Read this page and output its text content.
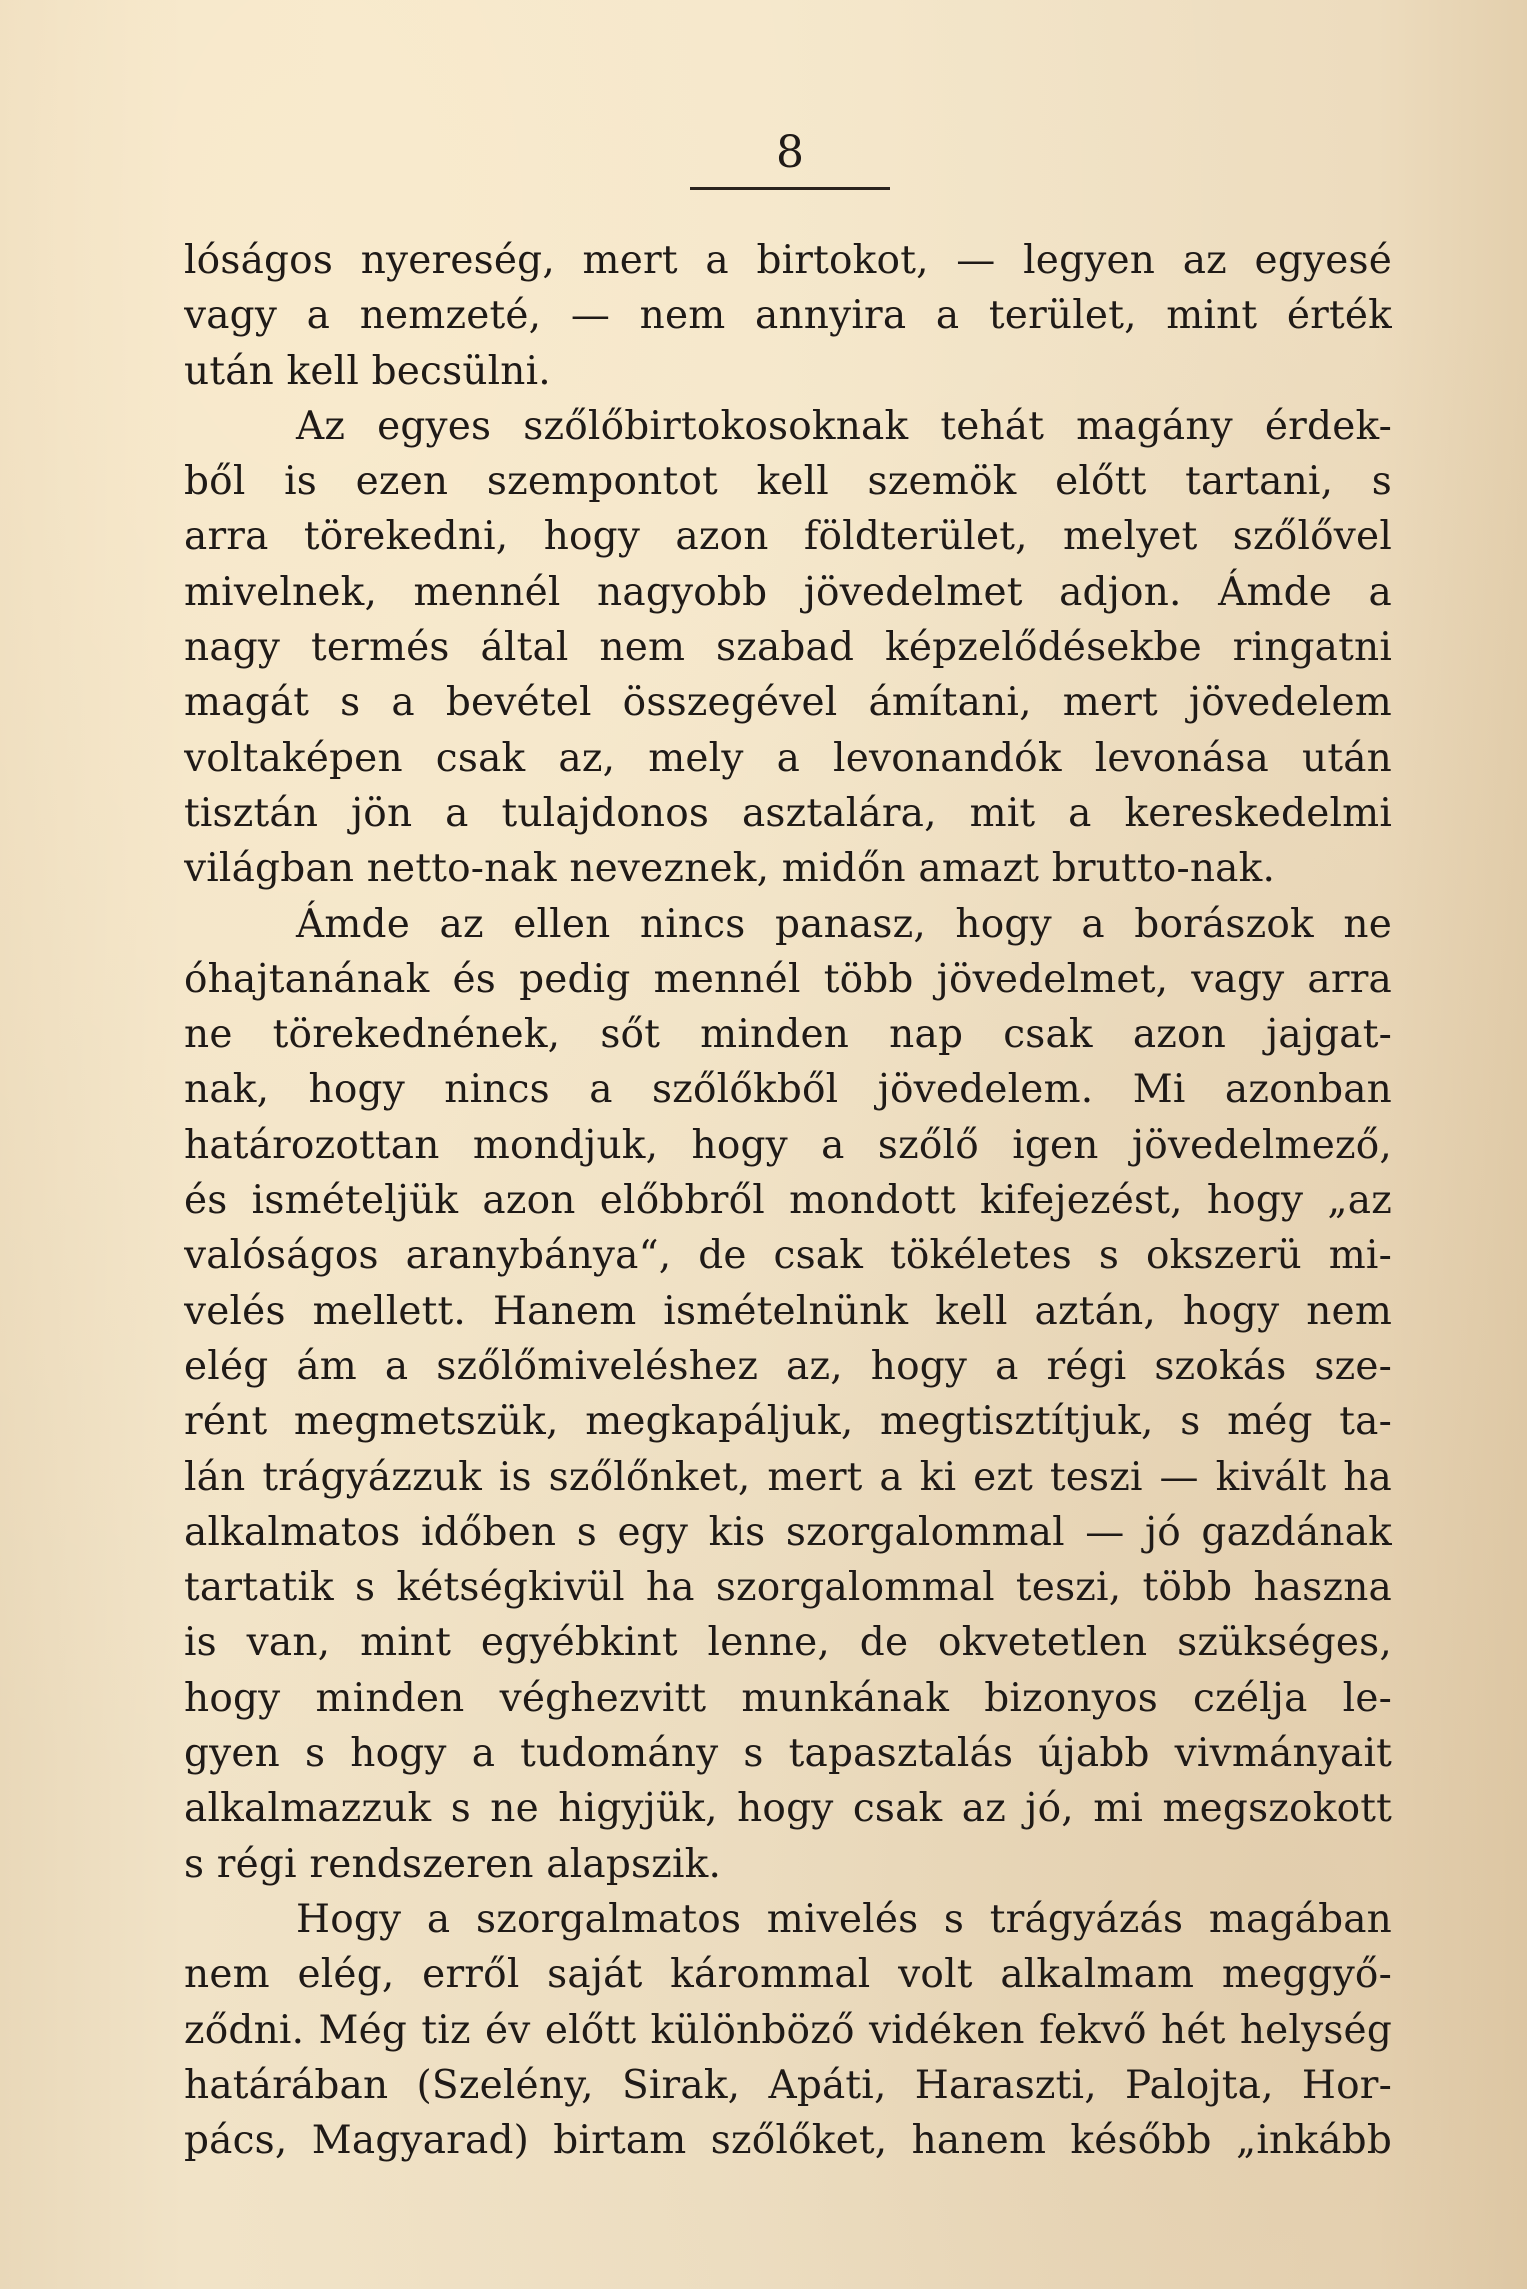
8
lóságos nyereség, mert a birtokot, — legyen az egyesé
vagy a nemzeté, — nem annyira a terület, mint érték
után kell becsülni.
Az egyes szőlőbirtokosoknak tehát magány érdek-
ből is ezen szempontot kell szemök előtt tartani, s
arra törekedni, hogy azon földterület, melyet szőlővel
mivelnek, mennél nagyobb jövedelmet adjon. Ámde a
nagy termés által nem szabad képzelődésekbe ringatni
magát s a bevétel összegével ámítani, mert jövedelem
voltaképen csak az, mely a levonandók levonása után
tisztán jön a tulajdonos asztalára, mit a kereskedelmi
világban netto-nak neveznek, midőn amazt brutto-nak.
Ámde az ellen nincs panasz, hogy a borászok ne
óhajtanának és pedig mennél több jövedelmet, vagy arra
ne törekednének, sőt minden nap csak azon jajgat-
nak, hogy nincs a szőlőkből jövedelem. Mi azonban
határozottan mondjuk, hogy a szőlő igen jövedelmező,
és ismételjük azon előbbről mondott kifejezést, hogy „az
valóságos aranybánya“, de csak tökéletes s okszerü mi-
velés mellett. Hanem ismételnünk kell aztán, hogy nem
elég ám a szőlőmiveléshez az, hogy a régi szokás sze-
rént megmetszük, megkapáljuk, megtisztítjuk, s még ta-
lán trágyázzuk is szőlőnket, mert a ki ezt teszi — kivált ha
alkalmatos időben s egy kis szorgalommal — jó gazdának
tartatik s kétségkivül ha szorgalommal teszi, több haszna
is van, mint egyébkint lenne, de okvetetlen szükséges,
hogy minden véghezvitt munkának bizonyos czélja le-
gyen s hogy a tudomány s tapasztalás újabb vivmányait
alkalmazzuk s ne higyjük, hogy csak az jó, mi megszokott
s régi rendszeren alapszik.
Hogy a szorgalmatos mivelés s trágyázás magában
nem elég, erről saját kárommal volt alkalmam meggyő-
ződni. Még tiz év előtt különböző vidéken fekvő hét helység
határában (Szelény, Sirak, Apáti, Haraszti, Palojta, Hor-
pács, Magyarad) birtam szőlőket, hanem később „inkább
